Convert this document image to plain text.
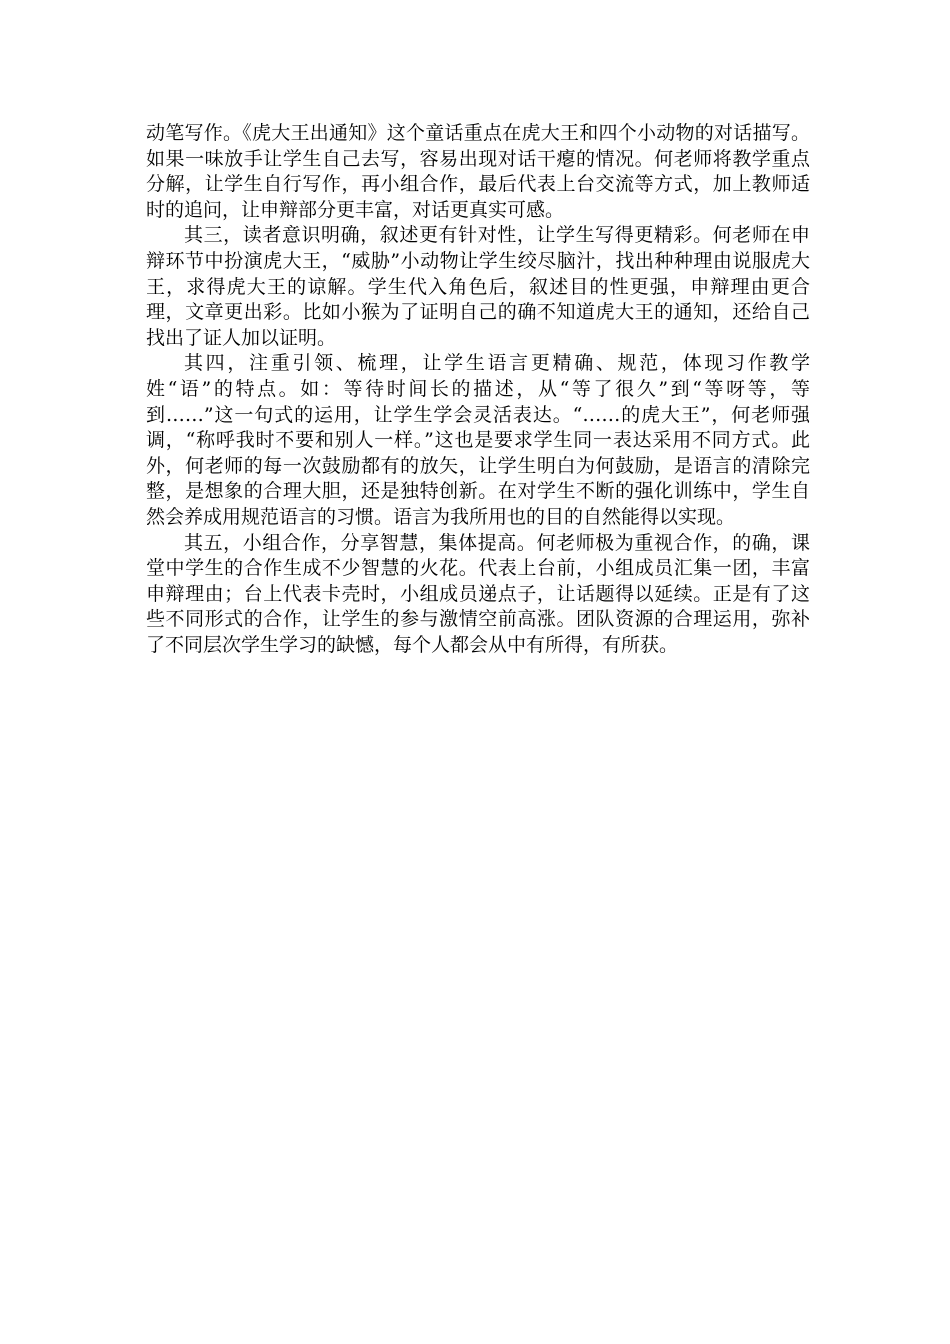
动笔写作。《虎大王出通知》这个童话重点在虎大王和四个小动物的对话描写。如果一味放手让学生自己去写，容易出现对话干瘪的情况。何老师将教学重点分解，让学生自行写作，再小组合作，最后代表上台交流等方式，加上教师适时的追问，让申辩部分更丰富，对话更真实可感。

其三，读者意识明确，叙述更有针对性，让学生写得更精彩。何老师在申辩环节中扮演虎大王，“威胁”小动物让学生绞尽脑汁，找出种种理由说服虎大王，求得虎大王的谅解。学生代入角色后，叙述目的性更强，申辩理由更合理，文章更出彩。比如小猴为了证明自己的确不知道虎大王的通知，还给自己找出了证人加以证明。

其四，注重引领、梳理，让学生语言更精确、规范，体现习作教学姓“语”的特点。如：等待时间长的描述，从“等了很久”到“等呀等，等到……”这一句式的运用，让学生学会灵活表达。“……的虎大王”，何老师强调，“称呼我时不要和别人一样。”这也是要求学生同一表达采用不同方式。此外，何老师的每一次鼓励都有的放矢，让学生明白为何鼓励，是语言的清除完整，是想象的合理大胆，还是独特创新。在对学生不断的强化训练中，学生自然会养成用规范语言的习惯。语言为我所用也的目的自然能得以实现。

其五，小组合作，分享智慧，集体提高。何老师极为重视合作，的确，课堂中学生的合作生成不少智慧的火花。代表上台前，小组成员汇集一团，丰富申辩理由；台上代表卡壳时，小组成员递点子，让话题得以延续。正是有了这些不同形式的合作，让学生的参与激情空前高涨。团队资源的合理运用，弥补了不同层次学生学习的缺憾，每个人都会从中有所得，有所获。
